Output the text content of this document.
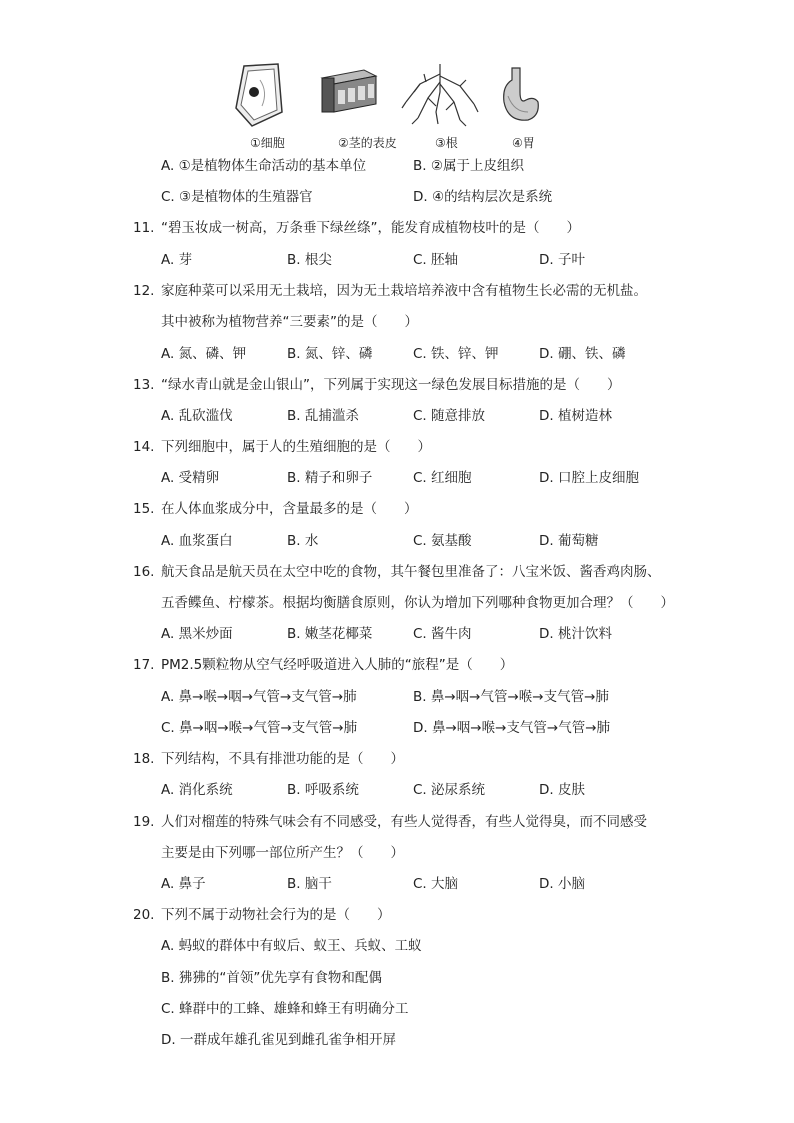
①细胞	②茎的表皮	③根	④胃
A. ①是植物体生命活动的基本单位	B. ②属于上皮组织
C. ③是植物体的生殖器官	D. ④的结构层次是系统
11. “碧玉妆成一树高，万条垂下绿丝绦”，能发育成植物枝叶的是（　　）
A. 芽	B. 根尖	C. 胚轴	D. 子叶
12. 家庭种菜可以采用无土栽培，因为无土栽培培养液中含有植物生长必需的无机盐。
其中被称为植物营养“三要素”的是（　　）
A. 氮、磷、钾	B. 氮、锌、磷	C. 铁、锌、钾	D. 硼、铁、磷
13. “绿水青山就是金山银山”，下列属于实现这一绿色发展目标措施的是（　　）
A. 乱砍滥伐	B. 乱捕滥杀	C. 随意排放	D. 植树造林
14. 下列细胞中，属于人的生殖细胞的是（　　）
A. 受精卵	B. 精子和卵子	C. 红细胞	D. 口腔上皮细胞
15. 在人体血浆成分中，含量最多的是（　　）
A. 血浆蛋白	B. 水	C. 氨基酸	D. 葡萄糖
16. 航天食品是航天员在太空中吃的食物，其午餐包里准备了：八宝米饭、酱香鸡肉肠、
五香鲽鱼、柠檬茶。根据均衡膳食原则，你认为增加下列哪种食物更加合理？（　　）
A. 黑米炒面	B. 嫩茎花椰菜	C. 酱牛肉	D. 桃汁饮料
17. PM2.5颗粒物从空气经呼吸道进入人肺的“旅程”是（　　）
A. 鼻→喉→咽→气管→支气管→肺	B. 鼻→咽→气管→喉→支气管→肺
C. 鼻→咽→喉→气管→支气管→肺	D. 鼻→咽→喉→支气管→气管→肺
18. 下列结构，不具有排泄功能的是（　　）
A. 消化系统	B. 呼吸系统	C. 泌尿系统	D. 皮肤
19. 人们对榴莲的特殊气味会有不同感受，有些人觉得香，有些人觉得臭，而不同感受
主要是由下列哪一部位所产生？（　　）
A. 鼻子	B. 脑干	C. 大脑	D. 小脑
20. 下列不属于动物社会行为的是（　　）
A. 蚂蚁的群体中有蚁后、蚁王、兵蚁、工蚁
B. 狒狒的“首领”优先享有食物和配偶
C. 蜂群中的工蜂、雄蜂和蜂王有明确分工
D. 一群成年雄孔雀见到雌孔雀争相开屏
